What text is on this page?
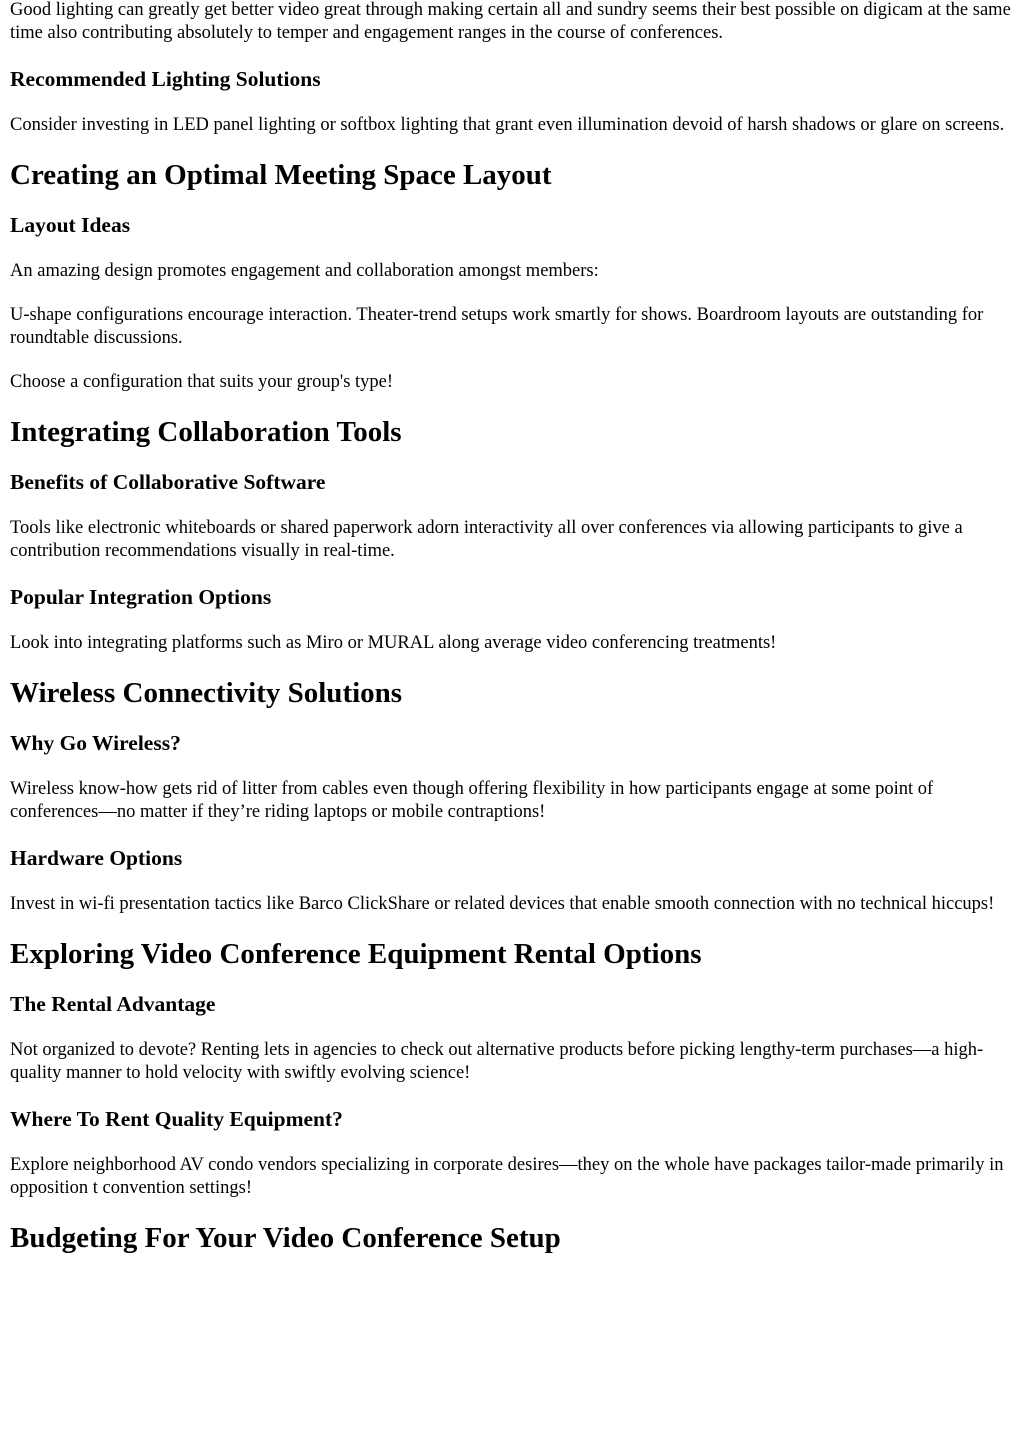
Good lighting can greatly get better video great through making certain all and sundry seems their best possible on digicam at the same time also contributing absolutely to temper and engagement ranges in the course of conferences.

Recommended Lighting Solutions

Consider investing in LED panel lighting or softbox lighting that grant even illumination devoid of harsh shadows or glare on screens.

Creating an Optimal Meeting Space Layout
Layout Ideas

An amazing design promotes engagement and collaboration amongst members:

U-shape configurations encourage interaction. Theater-trend setups work smartly for shows. Boardroom layouts are outstanding for roundtable discussions.

Choose a configuration that suits your group's type!

Integrating Collaboration Tools
Benefits of Collaborative Software

Tools like electronic whiteboards or shared paperwork adorn interactivity all over conferences via allowing participants to give a contribution recommendations visually in real-time.

Popular Integration Options

Look into integrating platforms such as Miro or MURAL along average video conferencing treatments!

Wireless Connectivity Solutions
Why Go Wireless?

Wireless know-how gets rid of litter from cables even though offering flexibility in how participants engage at some point of conferences—no matter if they’re riding laptops or mobile contraptions!

Hardware Options

Invest in wi-fi presentation tactics like Barco ClickShare or related devices that enable smooth connection with no technical hiccups!

Exploring Video Conference Equipment Rental Options
The Rental Advantage

Not organized to devote? Renting lets in agencies to check out alternative products before picking lengthy-term purchases—a high-quality manner to hold velocity with swiftly evolving science!

Where To Rent Quality Equipment?

Explore neighborhood AV condo vendors specializing in corporate desires—they on the whole have packages tailor-made primarily in opposition t convention settings!

Budgeting For Your Video Conference Setup
